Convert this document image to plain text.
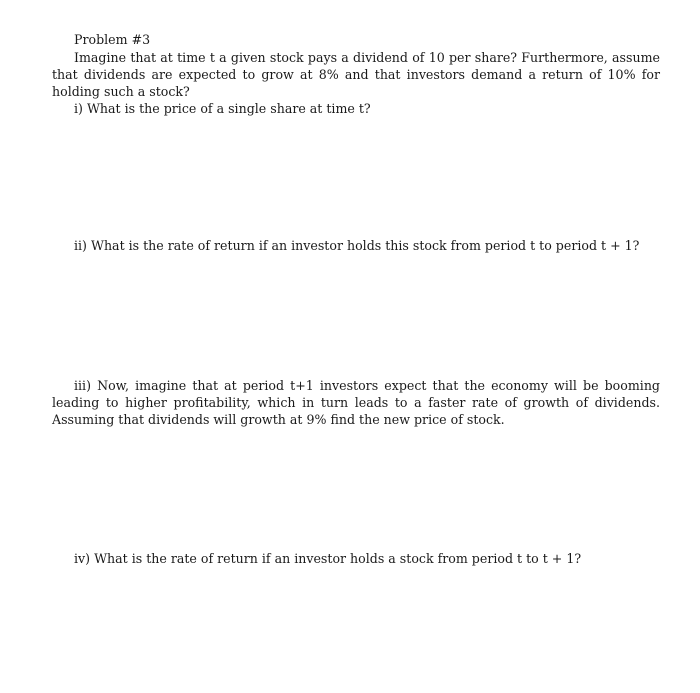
Problem #3
Imagine that at time t a given stock pays a dividend of 10 per share? Furthermore, assume that dividends are expected to grow at 8% and that investors demand a return of 10% for holding such a stock?
i) What is the price of a single share at time t?
ii) What is the rate of return if an investor holds this stock from period t to period t + 1?
iii) Now, imagine that at period t+1 investors expect that the economy will be booming leading to higher profitability, which in turn leads to a faster rate of growth of dividends. Assuming that dividends will growth at 9% find the new price of stock.
iv) What is the rate of return if an investor holds a stock from period t to t + 1?
